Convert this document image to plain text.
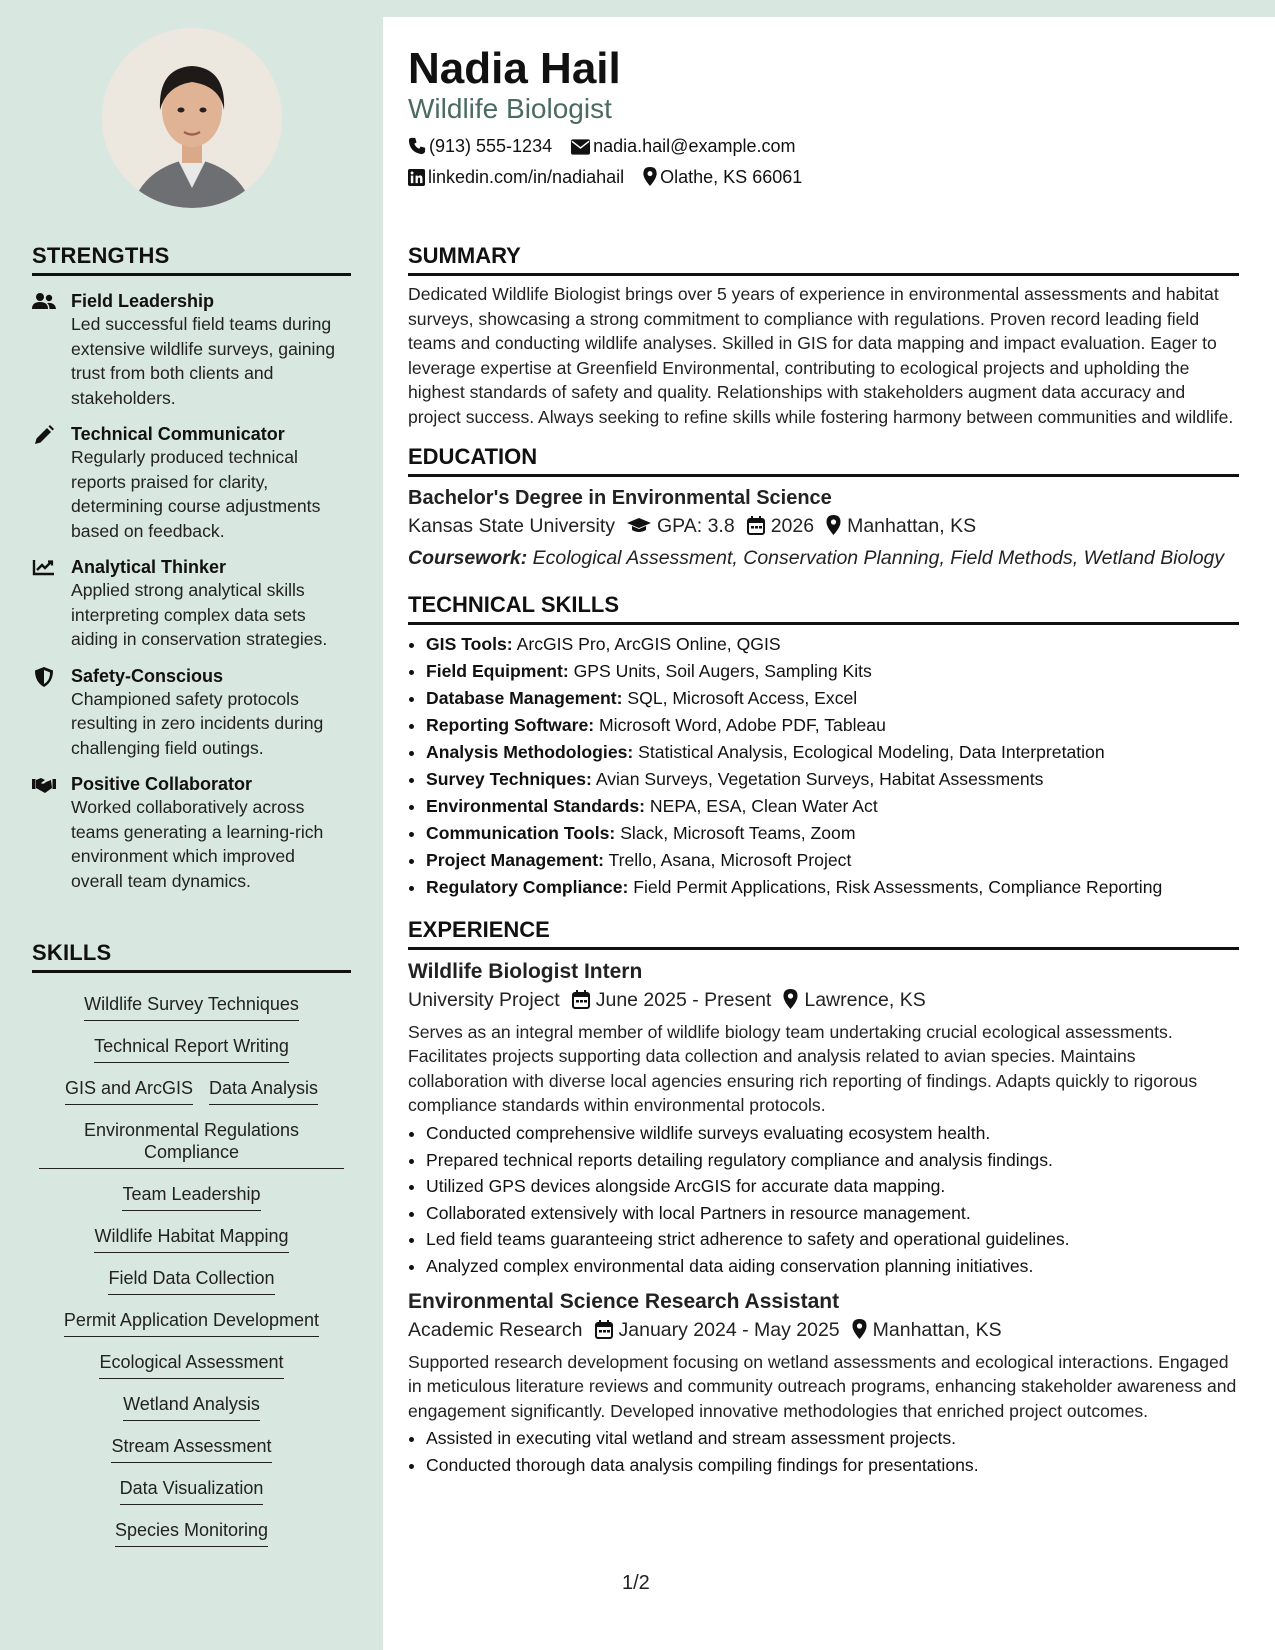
Nadia Hail
Wildlife Biologist
(913) 555-1234 nadia.hail@example.com
linkedin.com/in/nadiahail Olathe, KS 66061
STRENGTHS
Field Leadership
Led successful field teams during extensive wildlife surveys, gaining trust from both clients and stakeholders.
Technical Communicator
Regularly produced technical reports praised for clarity, determining course adjustments based on feedback.
Analytical Thinker
Applied strong analytical skills interpreting complex data sets aiding in conservation strategies.
Safety-Conscious
Championed safety protocols resulting in zero incidents during challenging field outings.
Positive Collaborator
Worked collaboratively across teams generating a learning-rich environment which improved overall team dynamics.
SKILLS
Wildlife Survey Techniques
Technical Report Writing
GIS and ArcGIS Data Analysis
Environmental Regulations Compliance
Team Leadership
Wildlife Habitat Mapping
Field Data Collection
Permit Application Development
Ecological Assessment
Wetland Analysis
Stream Assessment
Data Visualization
Species Monitoring
SUMMARY
Dedicated Wildlife Biologist brings over 5 years of experience in environmental assessments and habitat surveys, showcasing a strong commitment to compliance with regulations. Proven record leading field teams and conducting wildlife analyses. Skilled in GIS for data mapping and impact evaluation. Eager to leverage expertise at Greenfield Environmental, contributing to ecological projects and upholding the highest standards of safety and quality. Relationships with stakeholders augment data accuracy and project success. Always seeking to refine skills while fostering harmony between communities and wildlife.
EDUCATION
Bachelor's Degree in Environmental Science
Kansas State University GPA: 3.8 2026 Manhattan, KS
Coursework: Ecological Assessment, Conservation Planning, Field Methods, Wetland Biology
TECHNICAL SKILLS
• GIS Tools: ArcGIS Pro, ArcGIS Online, QGIS
• Field Equipment: GPS Units, Soil Augers, Sampling Kits
• Database Management: SQL, Microsoft Access, Excel
• Reporting Software: Microsoft Word, Adobe PDF, Tableau
• Analysis Methodologies: Statistical Analysis, Ecological Modeling, Data Interpretation
• Survey Techniques: Avian Surveys, Vegetation Surveys, Habitat Assessments
• Environmental Standards: NEPA, ESA, Clean Water Act
• Communication Tools: Slack, Microsoft Teams, Zoom
• Project Management: Trello, Asana, Microsoft Project
• Regulatory Compliance: Field Permit Applications, Risk Assessments, Compliance Reporting
EXPERIENCE
Wildlife Biologist Intern
University Project June 2025 - Present Lawrence, KS
Serves as an integral member of wildlife biology team undertaking crucial ecological assessments. Facilitates projects supporting data collection and analysis related to avian species. Maintains collaboration with diverse local agencies ensuring rich reporting of findings. Adapts quickly to rigorous compliance standards within environmental protocols.
• Conducted comprehensive wildlife surveys evaluating ecosystem health.
• Prepared technical reports detailing regulatory compliance and analysis findings.
• Utilized GPS devices alongside ArcGIS for accurate data mapping.
• Collaborated extensively with local Partners in resource management.
• Led field teams guaranteeing strict adherence to safety and operational guidelines.
• Analyzed complex environmental data aiding conservation planning initiatives.
Environmental Science Research Assistant
Academic Research January 2024 - May 2025 Manhattan, KS
Supported research development focusing on wetland assessments and ecological interactions. Engaged in meticulous literature reviews and community outreach programs, enhancing stakeholder awareness and engagement significantly. Developed innovative methodologies that enriched project outcomes.
• Assisted in executing vital wetland and stream assessment projects.
• Conducted thorough data analysis compiling findings for presentations.
1/2
